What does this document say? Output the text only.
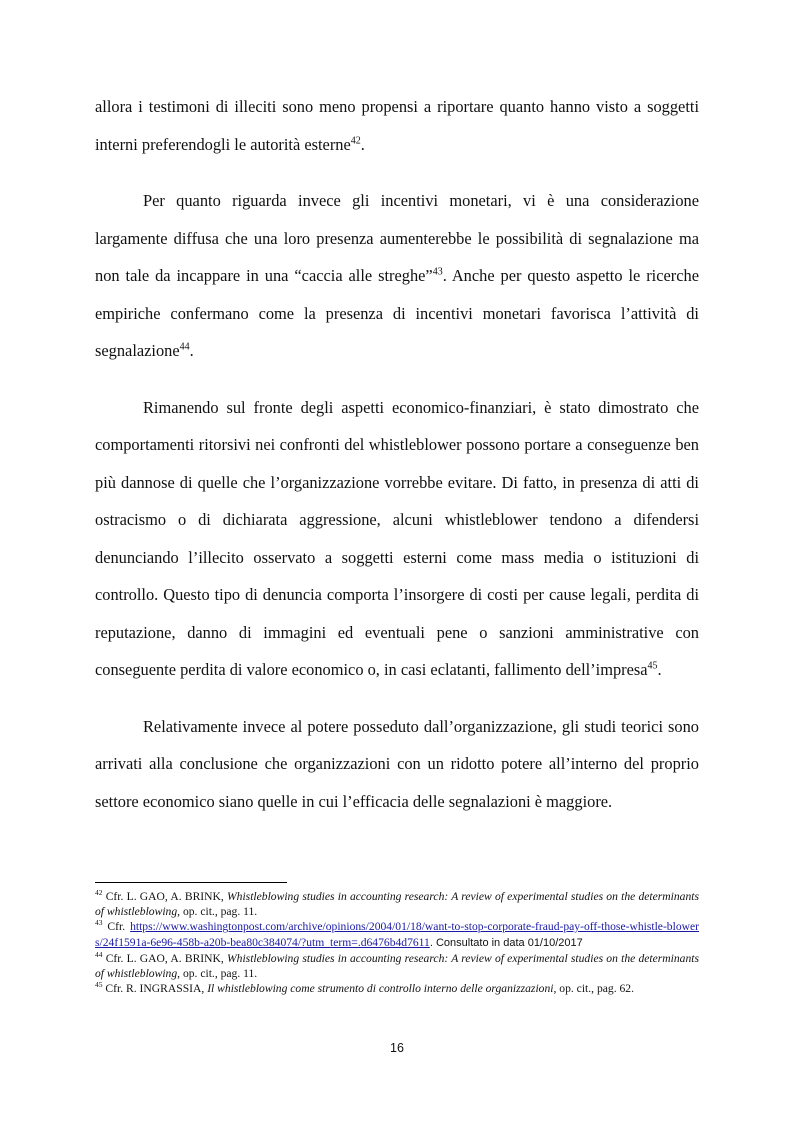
allora i testimoni di illeciti sono meno propensi a riportare quanto hanno visto a soggetti interni preferendogli le autorità esterne$^{42}$.

Per quanto riguarda invece gli incentivi monetari, vi è una considerazione largamente diffusa che una loro presenza aumenterebbe le possibilità di segnalazione ma non tale da incappare in una “caccia alle streghe”$^{43}$. Anche per questo aspetto le ricerche empiriche confermano come la presenza di incentivi monetari favorisca l’attività di segnalazione$^{44}$.

Rimanendo sul fronte degli aspetti economico-finanziari, è stato dimostrato che comportamenti ritorsivi nei confronti del whistleblower possono portare a conseguenze ben più dannose di quelle che l’organizzazione vorrebbe evitare. Di fatto, in presenza di atti di ostracismo o di dichiarata aggressione, alcuni whistleblower tendono a difendersi denunciando l’illecito osservato a soggetti esterni come mass media o istituzioni di controllo. Questo tipo di denuncia comporta l’insorgere di costi per cause legali, perdita di reputazione, danno di immagini ed eventuali pene o sanzioni amministrative con conseguente perdita di valore economico o, in casi eclatanti, fallimento dell’impresa$^{45}$.

Relativamente invece al potere posseduto dall’organizzazione, gli studi teorici sono arrivati alla conclusione che organizzazioni con un ridotto potere all’interno del proprio settore economico siano quelle in cui l’efficacia delle segnalazioni è maggiore.

$^{42}$ Cfr. L. GAO, A. BRINK, Whistleblowing studies in accounting research: A review of experimental studies on the determinants of whistleblowing, op. cit., pag. 11.

$^{43}$ Cfr. https://www.washingtonpost.com/archive/opinions/2004/01/18/want-to-stop-corporate-fraud-pay-off-those-whistle-blowers/24f1591a-6e96-458b-a20b-bea80c384074/?utm_term=.d6476b4d7611. Consultato in data 01/10/2017

$^{44}$ Cfr. L. GAO, A. BRINK, Whistleblowing studies in accounting research: A review of experimental studies on the determinants of whistleblowing, op. cit., pag. 11.

$^{45}$ Cfr. R. INGRASSIA, Il whistleblowing come strumento di controllo interno delle organizzazioni, op. cit., pag. 62.

16
